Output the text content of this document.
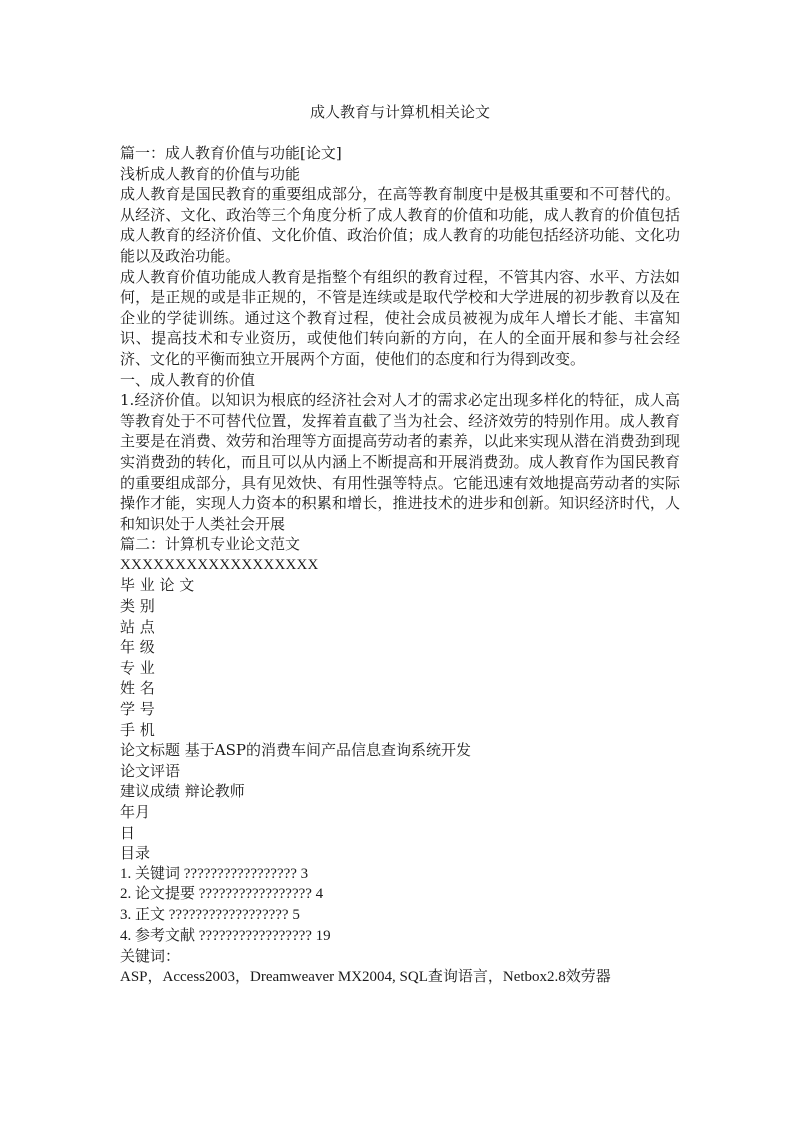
成人教育与计算机相关论文

篇一：成人教育价值与功能[论文]

浅析成人教育的价值与功能

成人教育是国民教育的重要组成部分，在高等教育制度中是极其重要和不可替代的。从经济、文化、政治等三个角度分析了成人教育的价值和功能，成人教育的价值包括成人教育的经济价值、文化价值、政治价值；成人教育的功能包括经济功能、文化功能以及政治功能。

成人教育价值功能成人教育是指整个有组织的教育过程，不管其内容、水平、方法如何，是正规的或是非正规的，不管是连续或是取代学校和大学进展的初步教育以及在企业的学徒训练。通过这个教育过程，使社会成员被视为成年人增长才能、丰富知识、提高技术和专业资历，或使他们转向新的方向，在人的全面开展和参与社会经济、文化的平衡而独立开展两个方面，使他们的态度和行为得到改变。

一、成人教育的价值

1.经济价值。以知识为根底的经济社会对人才的需求必定出现多样化的特征，成人高等教育处于不可替代位置，发挥着直截了当为社会、经济效劳的特别作用。成人教育主要是在消费、效劳和治理等方面提高劳动者的素养，以此来实现从潜在消费劲到现实消费劲的转化，而且可以从内涵上不断提高和开展消费劲。成人教育作为国民教育的重要组成部分，具有见效快、有用性强等特点。它能迅速有效地提高劳动者的实际操作才能，实现人力资本的积累和增长，推进技术的进步和创新。知识经济时代，人和知识处于人类社会开展

篇二：计算机专业论文范文

XXXXXXXXXXXXXXXXXX

毕 业 论 文

类 别

站 点

年 级

专 业

姓 名

学 号

手 机

论文标题 基于ASP的消费车间产品信息查询系统开发

论文评语

建议成绩 辩论教师

年月

日

目录

1. 关键词 ????????????????? 3

2. 论文提要 ????????????????? 4

3. 正文 ?????????????????? 5

4. 参考文献 ????????????????? 19

关键词：

ASP，Access2003，Dreamweaver MX2004, SQL查询语言，Netbox2.8效劳器
